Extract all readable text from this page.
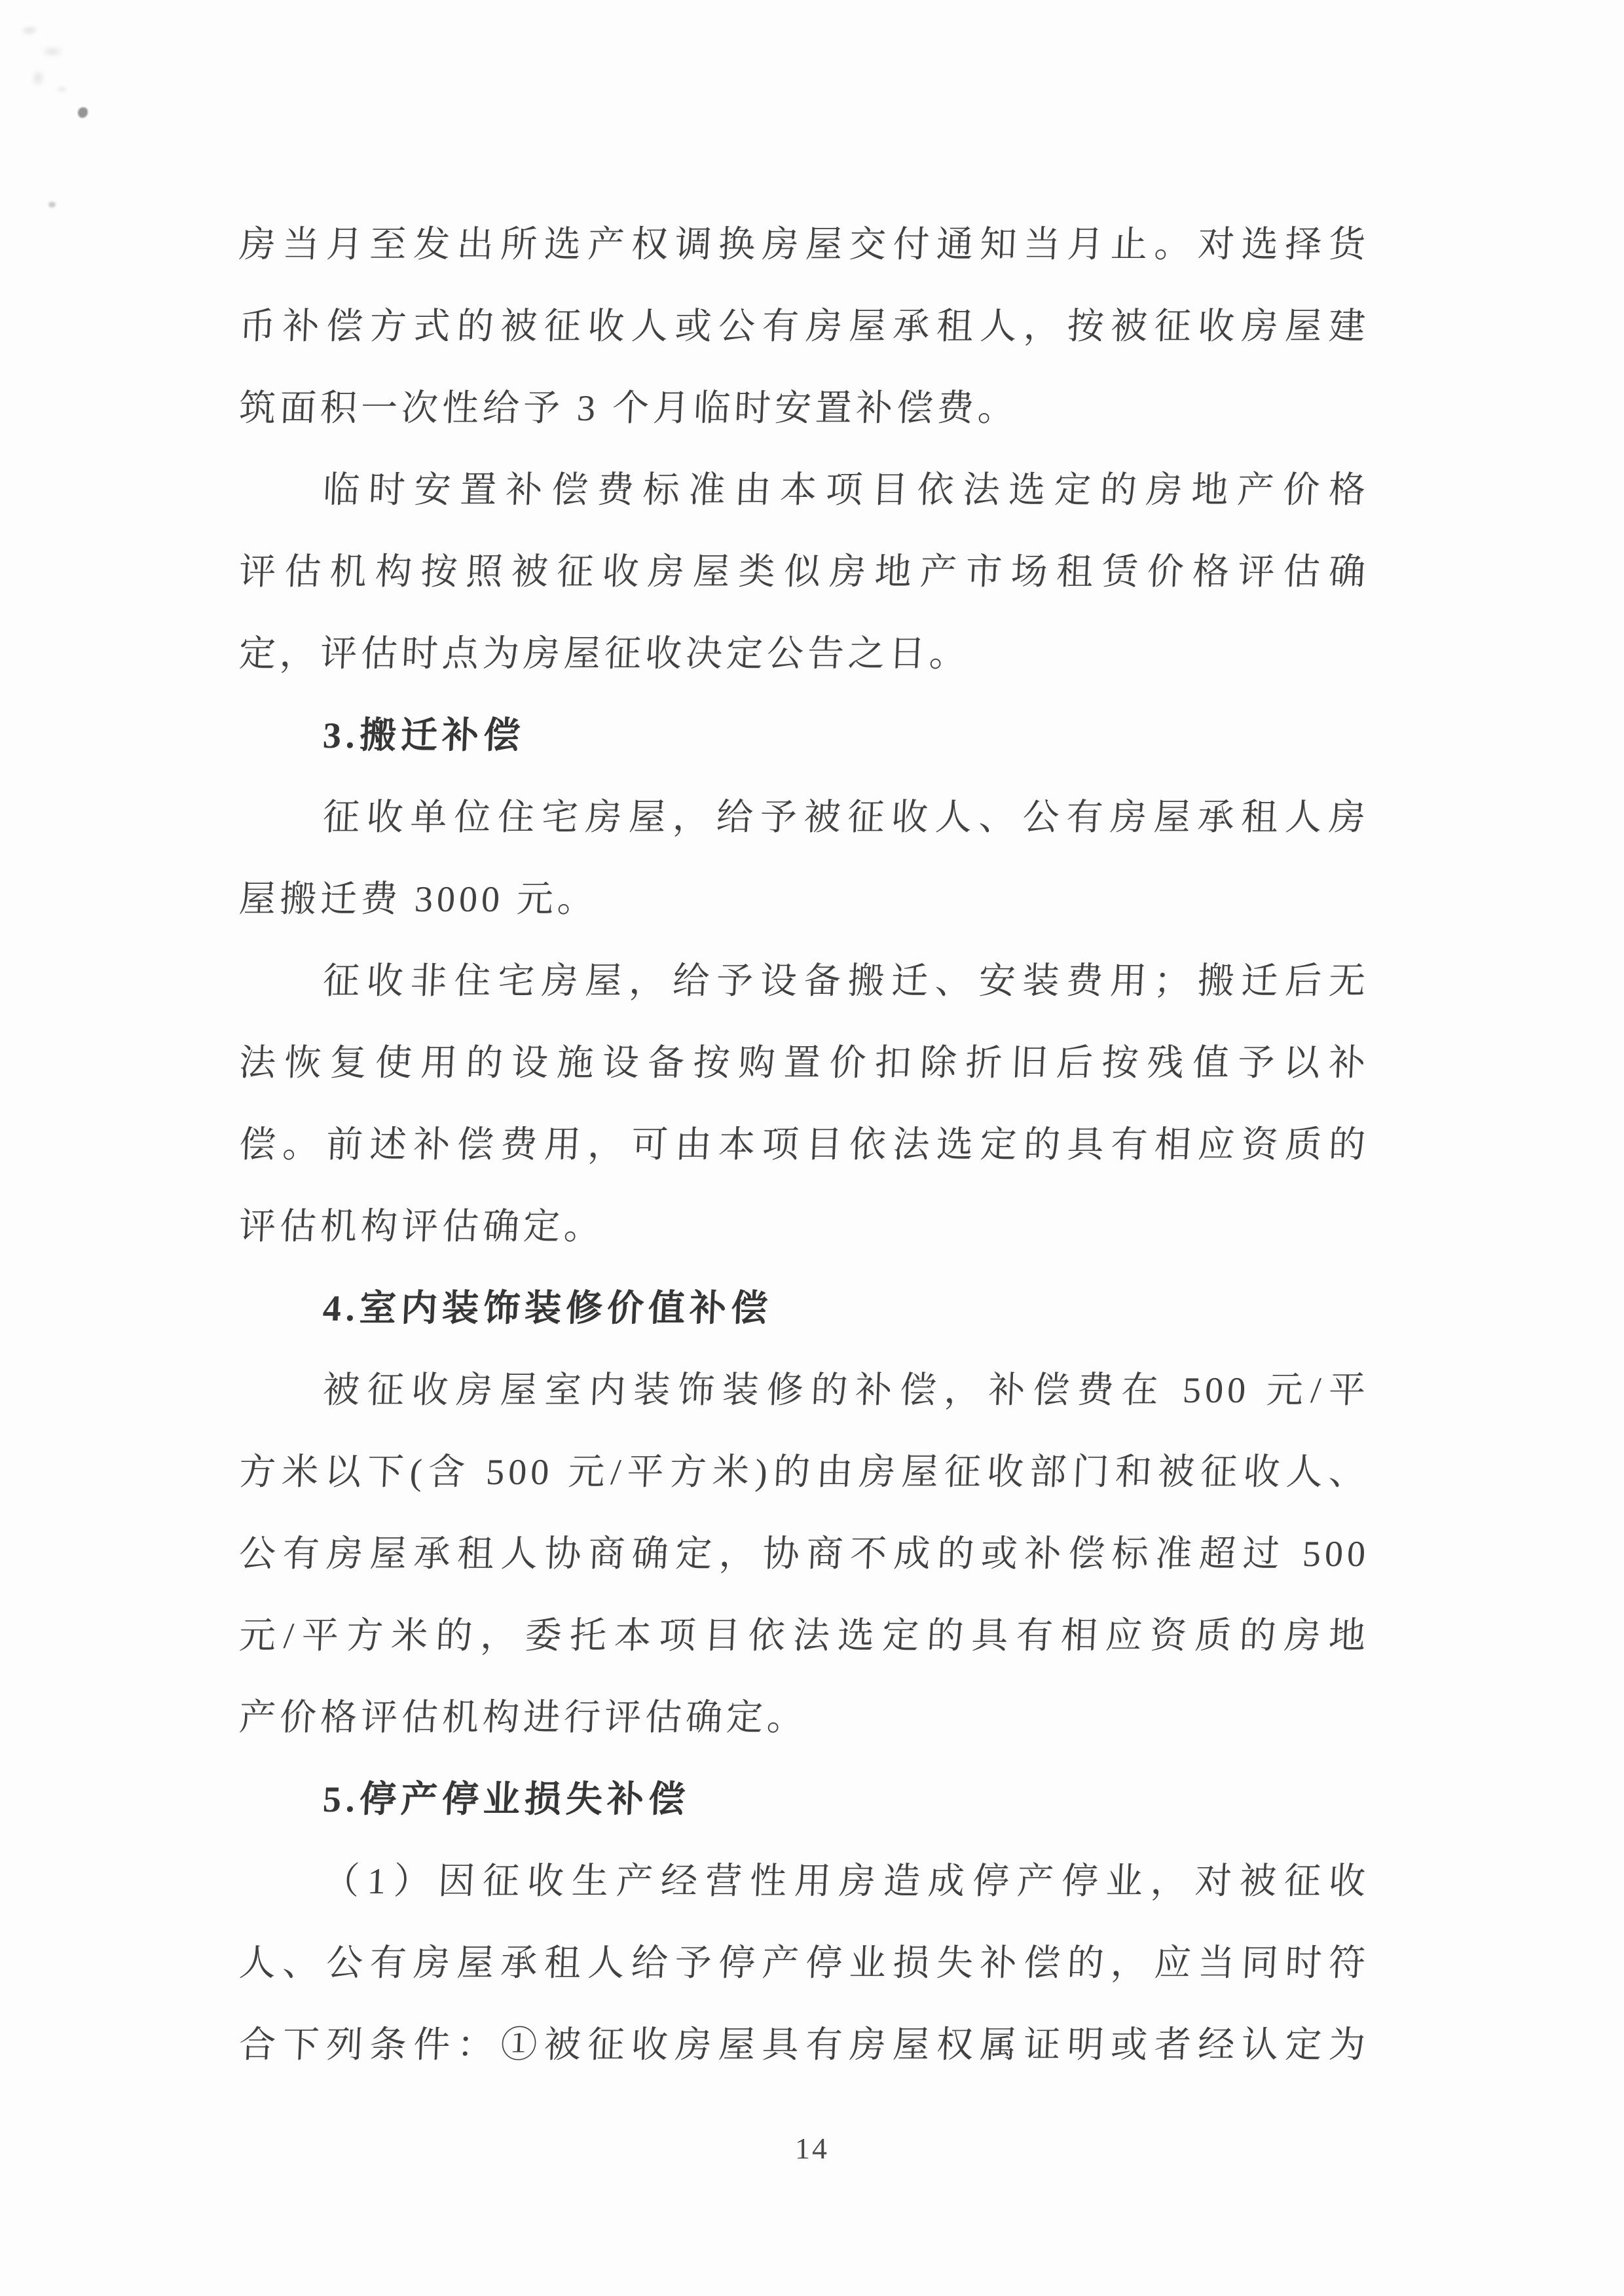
房当月至发出所选产权调换房屋交付通知当月止。对选择货
币补偿方式的被征收人或公有房屋承租人，按被征收房屋建
筑面积一次性给予 3 个月临时安置补偿费。
临时安置补偿费标准由本项目依法选定的房地产价格
评估机构按照被征收房屋类似房地产市场租赁价格评估确
定，评估时点为房屋征收决定公告之日。
3.搬迁补偿
征收单位住宅房屋，给予被征收人、公有房屋承租人房
屋搬迁费 3000 元。
征收非住宅房屋，给予设备搬迁、安装费用；搬迁后无
法恢复使用的设施设备按购置价扣除折旧后按残值予以补
偿。前述补偿费用，可由本项目依法选定的具有相应资质的
评估机构评估确定。
4.室内装饰装修价值补偿
被征收房屋室内装饰装修的补偿，补偿费在 500 元/平
方米以下(含 500 元/平方米)的由房屋征收部门和被征收人、
公有房屋承租人协商确定，协商不成的或补偿标准超过 500
元/平方米的，委托本项目依法选定的具有相应资质的房地
产价格评估机构进行评估确定。
5.停产停业损失补偿
（1）因征收生产经营性用房造成停产停业，对被征收
人、公有房屋承租人给予停产停业损失补偿的，应当同时符
合下列条件：①被征收房屋具有房屋权属证明或者经认定为
14
